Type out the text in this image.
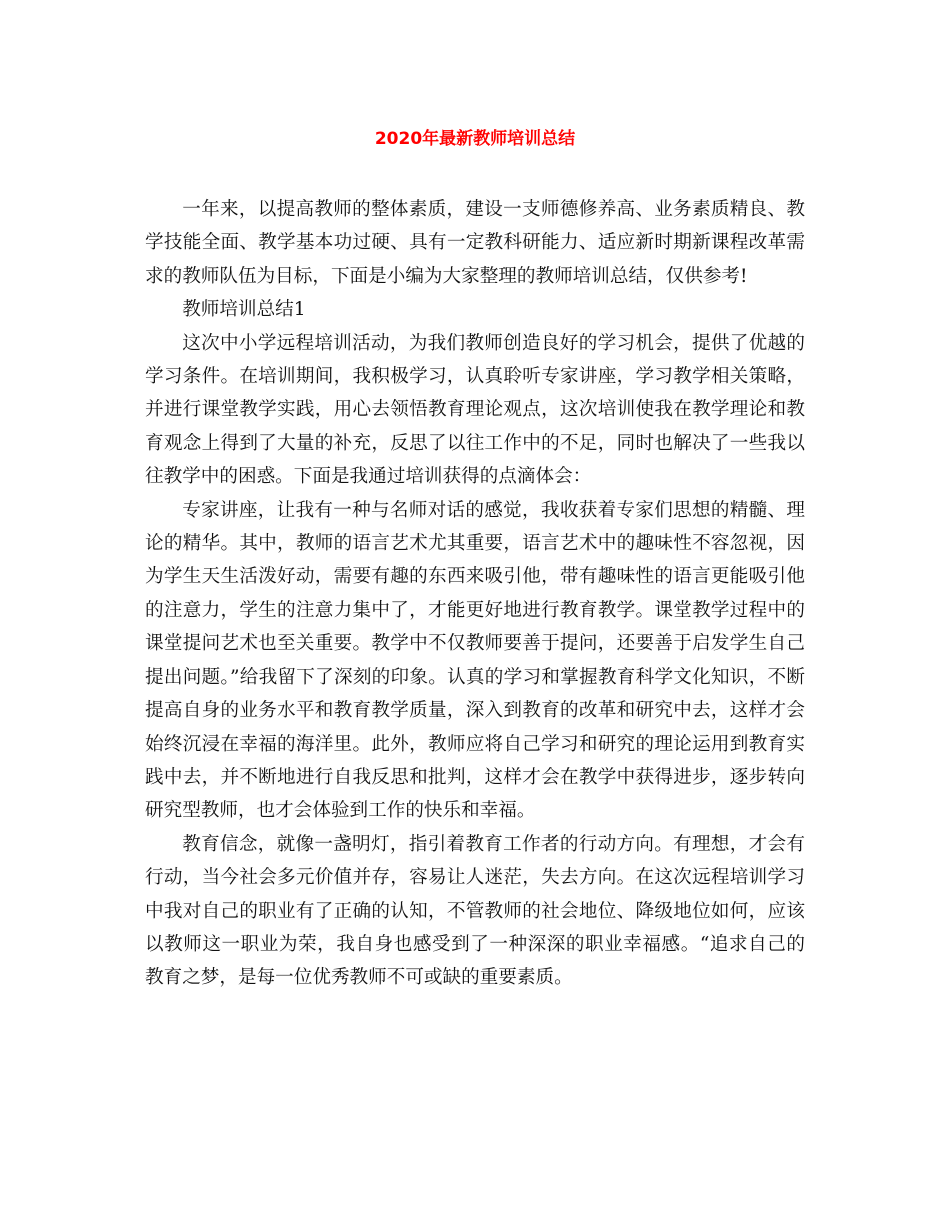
2020年最新教师培训总结

一年来，以提高教师的整体素质，建设一支师德修养高、业务素质精良、教学技能全面、教学基本功过硬、具有一定教科研能力、适应新时期新课程改革需求的教师队伍为目标，下面是小编为大家整理的教师培训总结，仅供参考!

教师培训总结1

这次中小学远程培训活动，为我们教师创造良好的学习机会，提供了优越的学习条件。在培训期间，我积极学习，认真聆听专家讲座，学习教学相关策略，并进行课堂教学实践，用心去领悟教育理论观点，这次培训使我在教学理论和教育观念上得到了大量的补充，反思了以往工作中的不足，同时也解决了一些我以往教学中的困惑。下面是我通过培训获得的点滴体会：

专家讲座，让我有一种与名师对话的感觉，我收获着专家们思想的精髓、理论的精华。其中，教师的语言艺术尤其重要，语言艺术中的趣味性不容忽视，因为学生天生活泼好动，需要有趣的东西来吸引他，带有趣味性的语言更能吸引他的注意力，学生的注意力集中了，才能更好地进行教育教学。课堂教学过程中的课堂提问艺术也至关重要。教学中不仅教师要善于提问，还要善于启发学生自己提出问题。”给我留下了深刻的印象。认真的学习和掌握教育科学文化知识，不断提高自身的业务水平和教育教学质量，深入到教育的改革和研究中去，这样才会始终沉浸在幸福的海洋里。此外，教师应将自己学习和研究的理论运用到教育实践中去，并不断地进行自我反思和批判，这样才会在教学中获得进步，逐步转向研究型教师，也才会体验到工作的快乐和幸福。

教育信念，就像一盏明灯，指引着教育工作者的行动方向。有理想，才会有行动，当今社会多元价值并存，容易让人迷茫，失去方向。在这次远程培训学习中我对自己的职业有了正确的认知，不管教师的社会地位、降级地位如何，应该以教师这一职业为荣，我自身也感受到了一种深深的职业幸福感。“追求自己的教育之梦，是每一位优秀教师不可或缺的重要素质。
